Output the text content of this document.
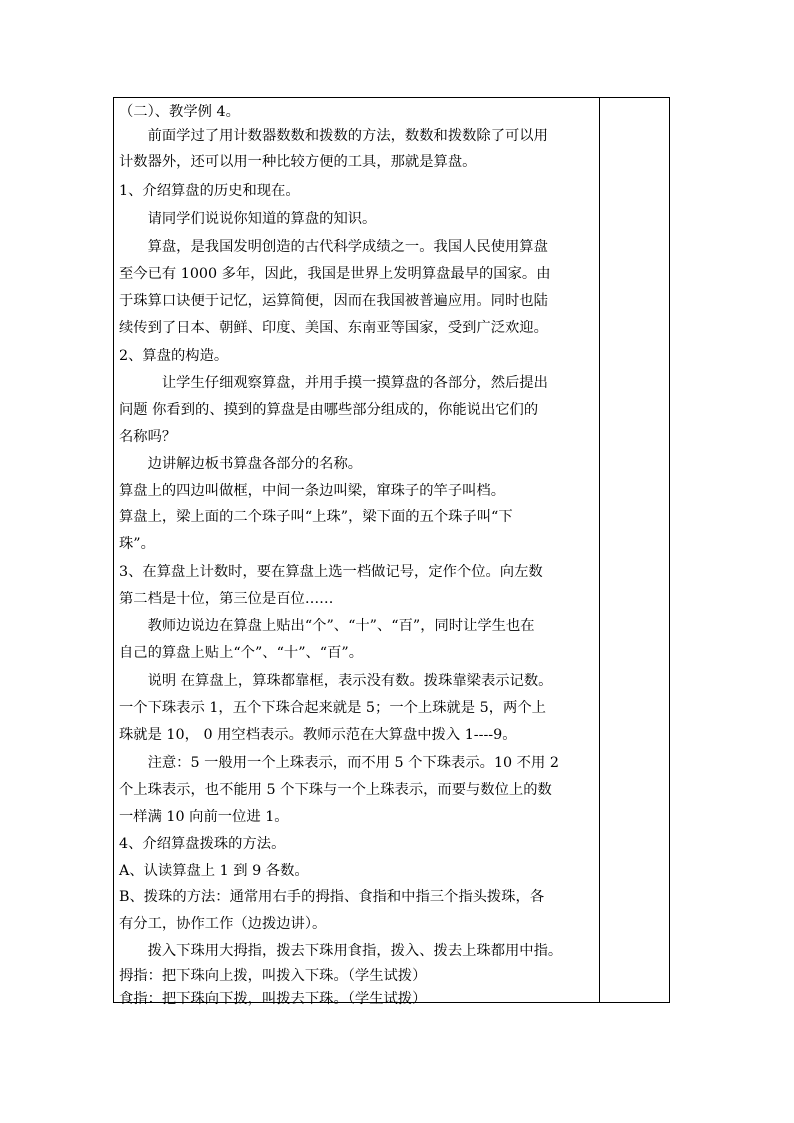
（二）、教学例 4。
　　前面学过了用计数器数数和拨数的方法，数数和拨数除了可以用
计数器外，还可以用一种比较方便的工具，那就是算盘。
1、介绍算盘的历史和现在。
　　请同学们说说你知道的算盘的知识。
　　算盘，是我国发明创造的古代科学成绩之一。我国人民使用算盘
至今已有 1000 多年，因此，我国是世界上发明算盘最早的国家。由
于珠算口诀便于记忆，运算简便，因而在我国被普遍应用。同时也陆
续传到了日本、朝鲜、印度、美国、东南亚等国家，受到广泛欢迎。
2、算盘的构造。
　　　让学生仔细观察算盘，并用手摸一摸算盘的各部分，然后提出
问题 你看到的、摸到的算盘是由哪些部分组成的，你能说出它们的
名称吗？
　　边讲解边板书算盘各部分的名称。
算盘上的四边叫做框，中间一条边叫梁，窜珠子的竿子叫档。
算盘上，梁上面的二个珠子叫“上珠”，梁下面的五个珠子叫“下
珠”。
3、在算盘上计数时，要在算盘上选一档做记号，定作个位。向左数
第二档是十位，第三位是百位……
　　教师边说边在算盘上贴出“个”、“十”、“百”，同时让学生也在
自己的算盘上贴上“个”、“十”、“百”。
　　说明 在算盘上，算珠都靠框，表示没有数。拨珠靠梁表示记数。
一个下珠表示 1，五个下珠合起来就是 5；一个上珠就是 5，两个上
珠就是 10， 0 用空档表示。教师示范在大算盘中拨入 1----9。
　　注意：5 一般用一个上珠表示，而不用 5 个下珠表示。10 不用 2
个上珠表示，也不能用 5 个下珠与一个上珠表示，而要与数位上的数
一样满 10 向前一位进 1。
4、介绍算盘拨珠的方法。
A、认读算盘上 1 到 9 各数。
B、拨珠的方法：通常用右手的拇指、食指和中指三个指头拨珠，各
有分工，协作工作（边拨边讲）。
　　拨入下珠用大拇指，拨去下珠用食指，拨入、拨去上珠都用中指。
拇指：把下珠向上拨，叫拨入下珠。（学生试拨）
食指：把下珠向下拨，叫拨去下珠。（学生试拨）
